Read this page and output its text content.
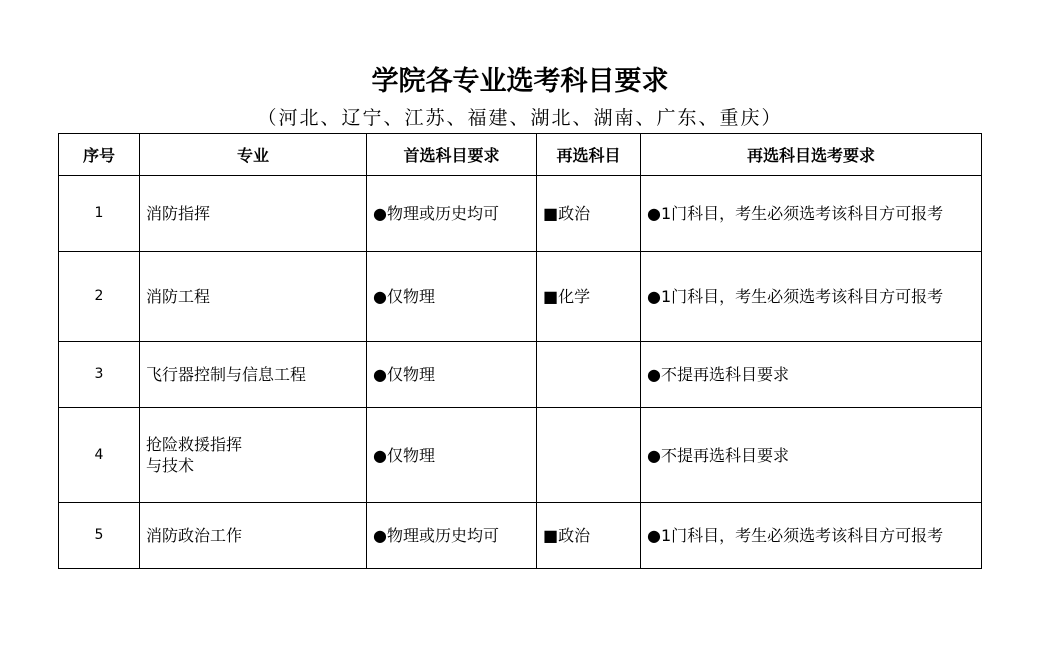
学院各专业选考科目要求
（河北、辽宁、江苏、福建、湖北、湖南、广东、重庆）
序号	专业	首选科目要求	再选科目	再选科目选考要求
1	消防指挥	●物理或历史均可	■政治	●1门科目，考生必须选考该科目方可报考
2	消防工程	●仅物理	■化学	●1门科目，考生必须选考该科目方可报考
3	飞行器控制与信息工程	●仅物理		●不提再选科目要求
4	抢险救援指挥
与技术	●仅物理		●不提再选科目要求
5	消防政治工作	●物理或历史均可	■政治	●1门科目，考生必须选考该科目方可报考
